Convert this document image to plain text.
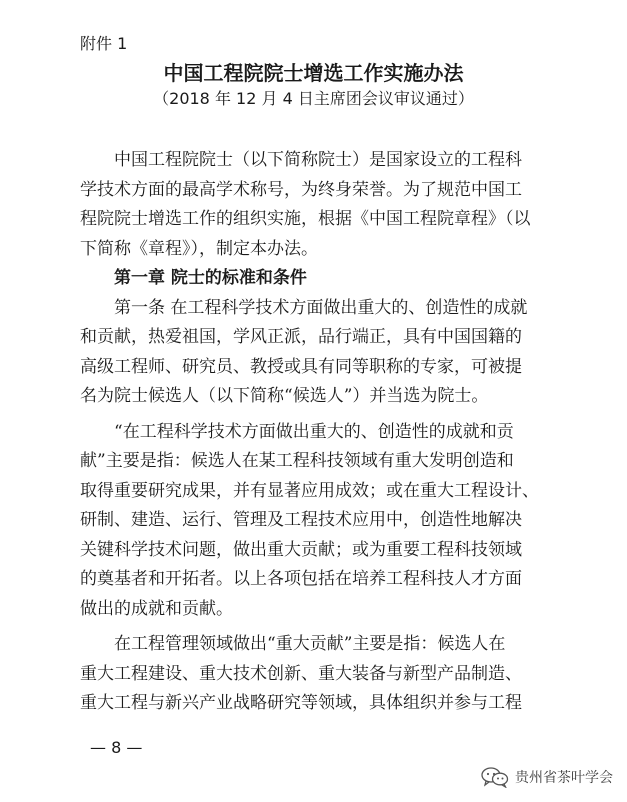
附件 1
中国工程院院士增选工作实施办法
（2018 年 12 月 4 日主席团会议审议通过）
　　中国工程院院士（以下简称院士）是国家设立的工程科
学技术方面的最高学术称号，为终身荣誉。为了规范中国工
程院院士增选工作的组织实施，根据《中国工程院章程》（以
下简称《章程》），制定本办法。
　　第一章 院士的标准和条件
　　第一条 在工程科学技术方面做出重大的、创造性的成就
和贡献，热爱祖国，学风正派，品行端正，具有中国国籍的
高级工程师、研究员、教授或具有同等职称的专家，可被提
名为院士候选人（以下简称“候选人”）并当选为院士。
　　“在工程科学技术方面做出重大的、创造性的成就和贡
献”主要是指：候选人在某工程科技领域有重大发明创造和
取得重要研究成果，并有显著应用成效；或在重大工程设计、
研制、建造、运行、管理及工程技术应用中，创造性地解决
关键科学技术问题，做出重大贡献；或为重要工程科技领域
的奠基者和开拓者。以上各项包括在培养工程科技人才方面
做出的成就和贡献。
　　在工程管理领域做出“重大贡献”主要是指：候选人在
重大工程建设、重大技术创新、重大装备与新型产品制造、
重大工程与新兴产业战略研究等领域，具体组织并参与工程
— 8 —
贵州省茶叶学会
